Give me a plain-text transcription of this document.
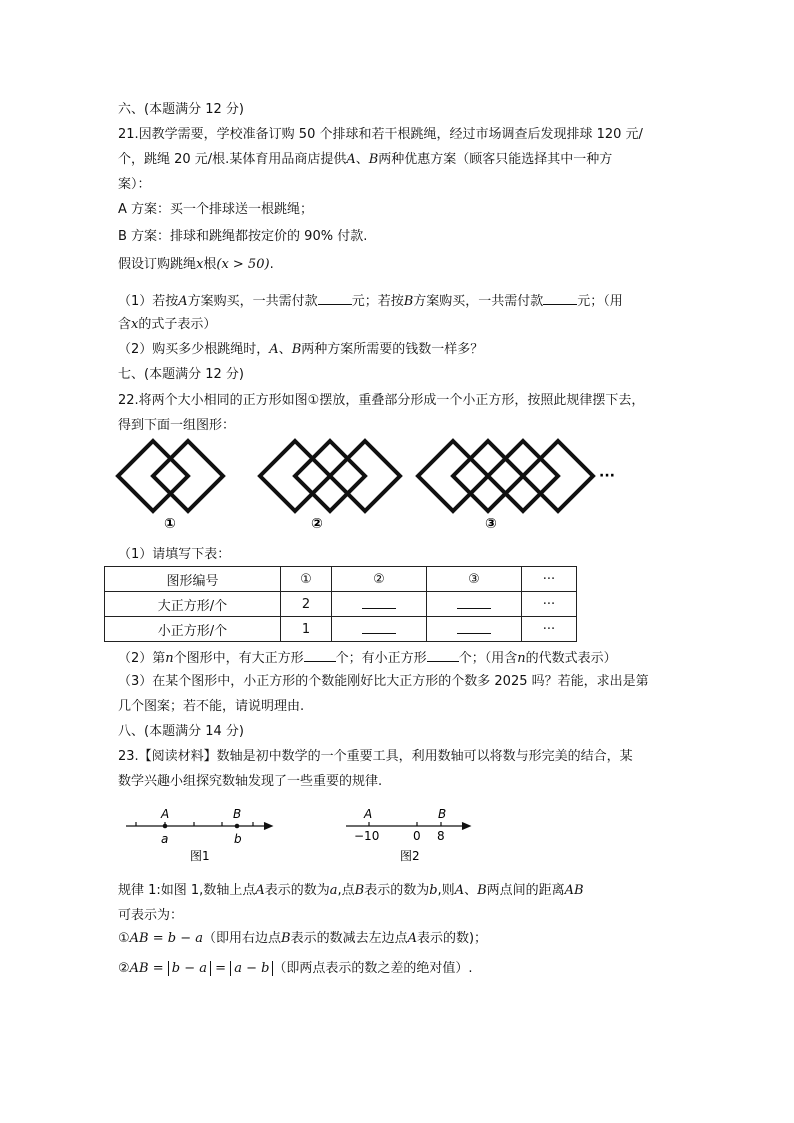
六、(本题满分 12 分)
21.因教学需要，学校准备订购 50 个排球和若干根跳绳，经过市场调查后发现排球 120 元/
个，跳绳 20 元/根.某体育用品商店提供A、B两种优惠方案（顾客只能选择其中一种方
案）：
A 方案：买一个排球送一根跳绳；
B 方案：排球和跳绳都按定价的 90% 付款.
假设订购跳绳x根(x > 50).
（1）若按A方案购买，一共需付款	元；若按B方案购买，一共需付款	元；（用
含x的式子表示）
（2）购买多少根跳绳时，A、B两种方案所需要的钱数一样多？
七、(本题满分 12 分)
22.将两个大小相同的正方形如图①摆放，重叠部分形成一个小正方形，按照此规律摆下去，
得到下面一组图形：
···
①	②	③
（1）请填写下表：
图形编号	①	②	③	···
大正方形/个	2			···
小正方形/个	1			···
（2）第n个图形中，有大正方形 个；有小正方形 个；（用含n的代数式表示）
（3）在某个图形中，小正方形的个数能刚好比大正方形的个数多 2025 吗？若能，求出是第
几个图案；若不能，请说明理由.
八、(本题满分 14 分)
23.【阅读材料】数轴是初中数学的一个重要工具，利用数轴可以将数与形完美的结合，某
数学兴趣小组探究数轴发现了一些重要的规律.
A	B
a	b
图1
A	B
−10	0 8
图2
规律 1:如图 1,数轴上点A表示的数为a,点B表示的数为b,则A、B两点间的距离AB
可表示为：
①AB = b − a（即用右边点B表示的数减去左边点A表示的数)；
②AB = b − a = a − b （即两点表示的数之差的绝对值）.
